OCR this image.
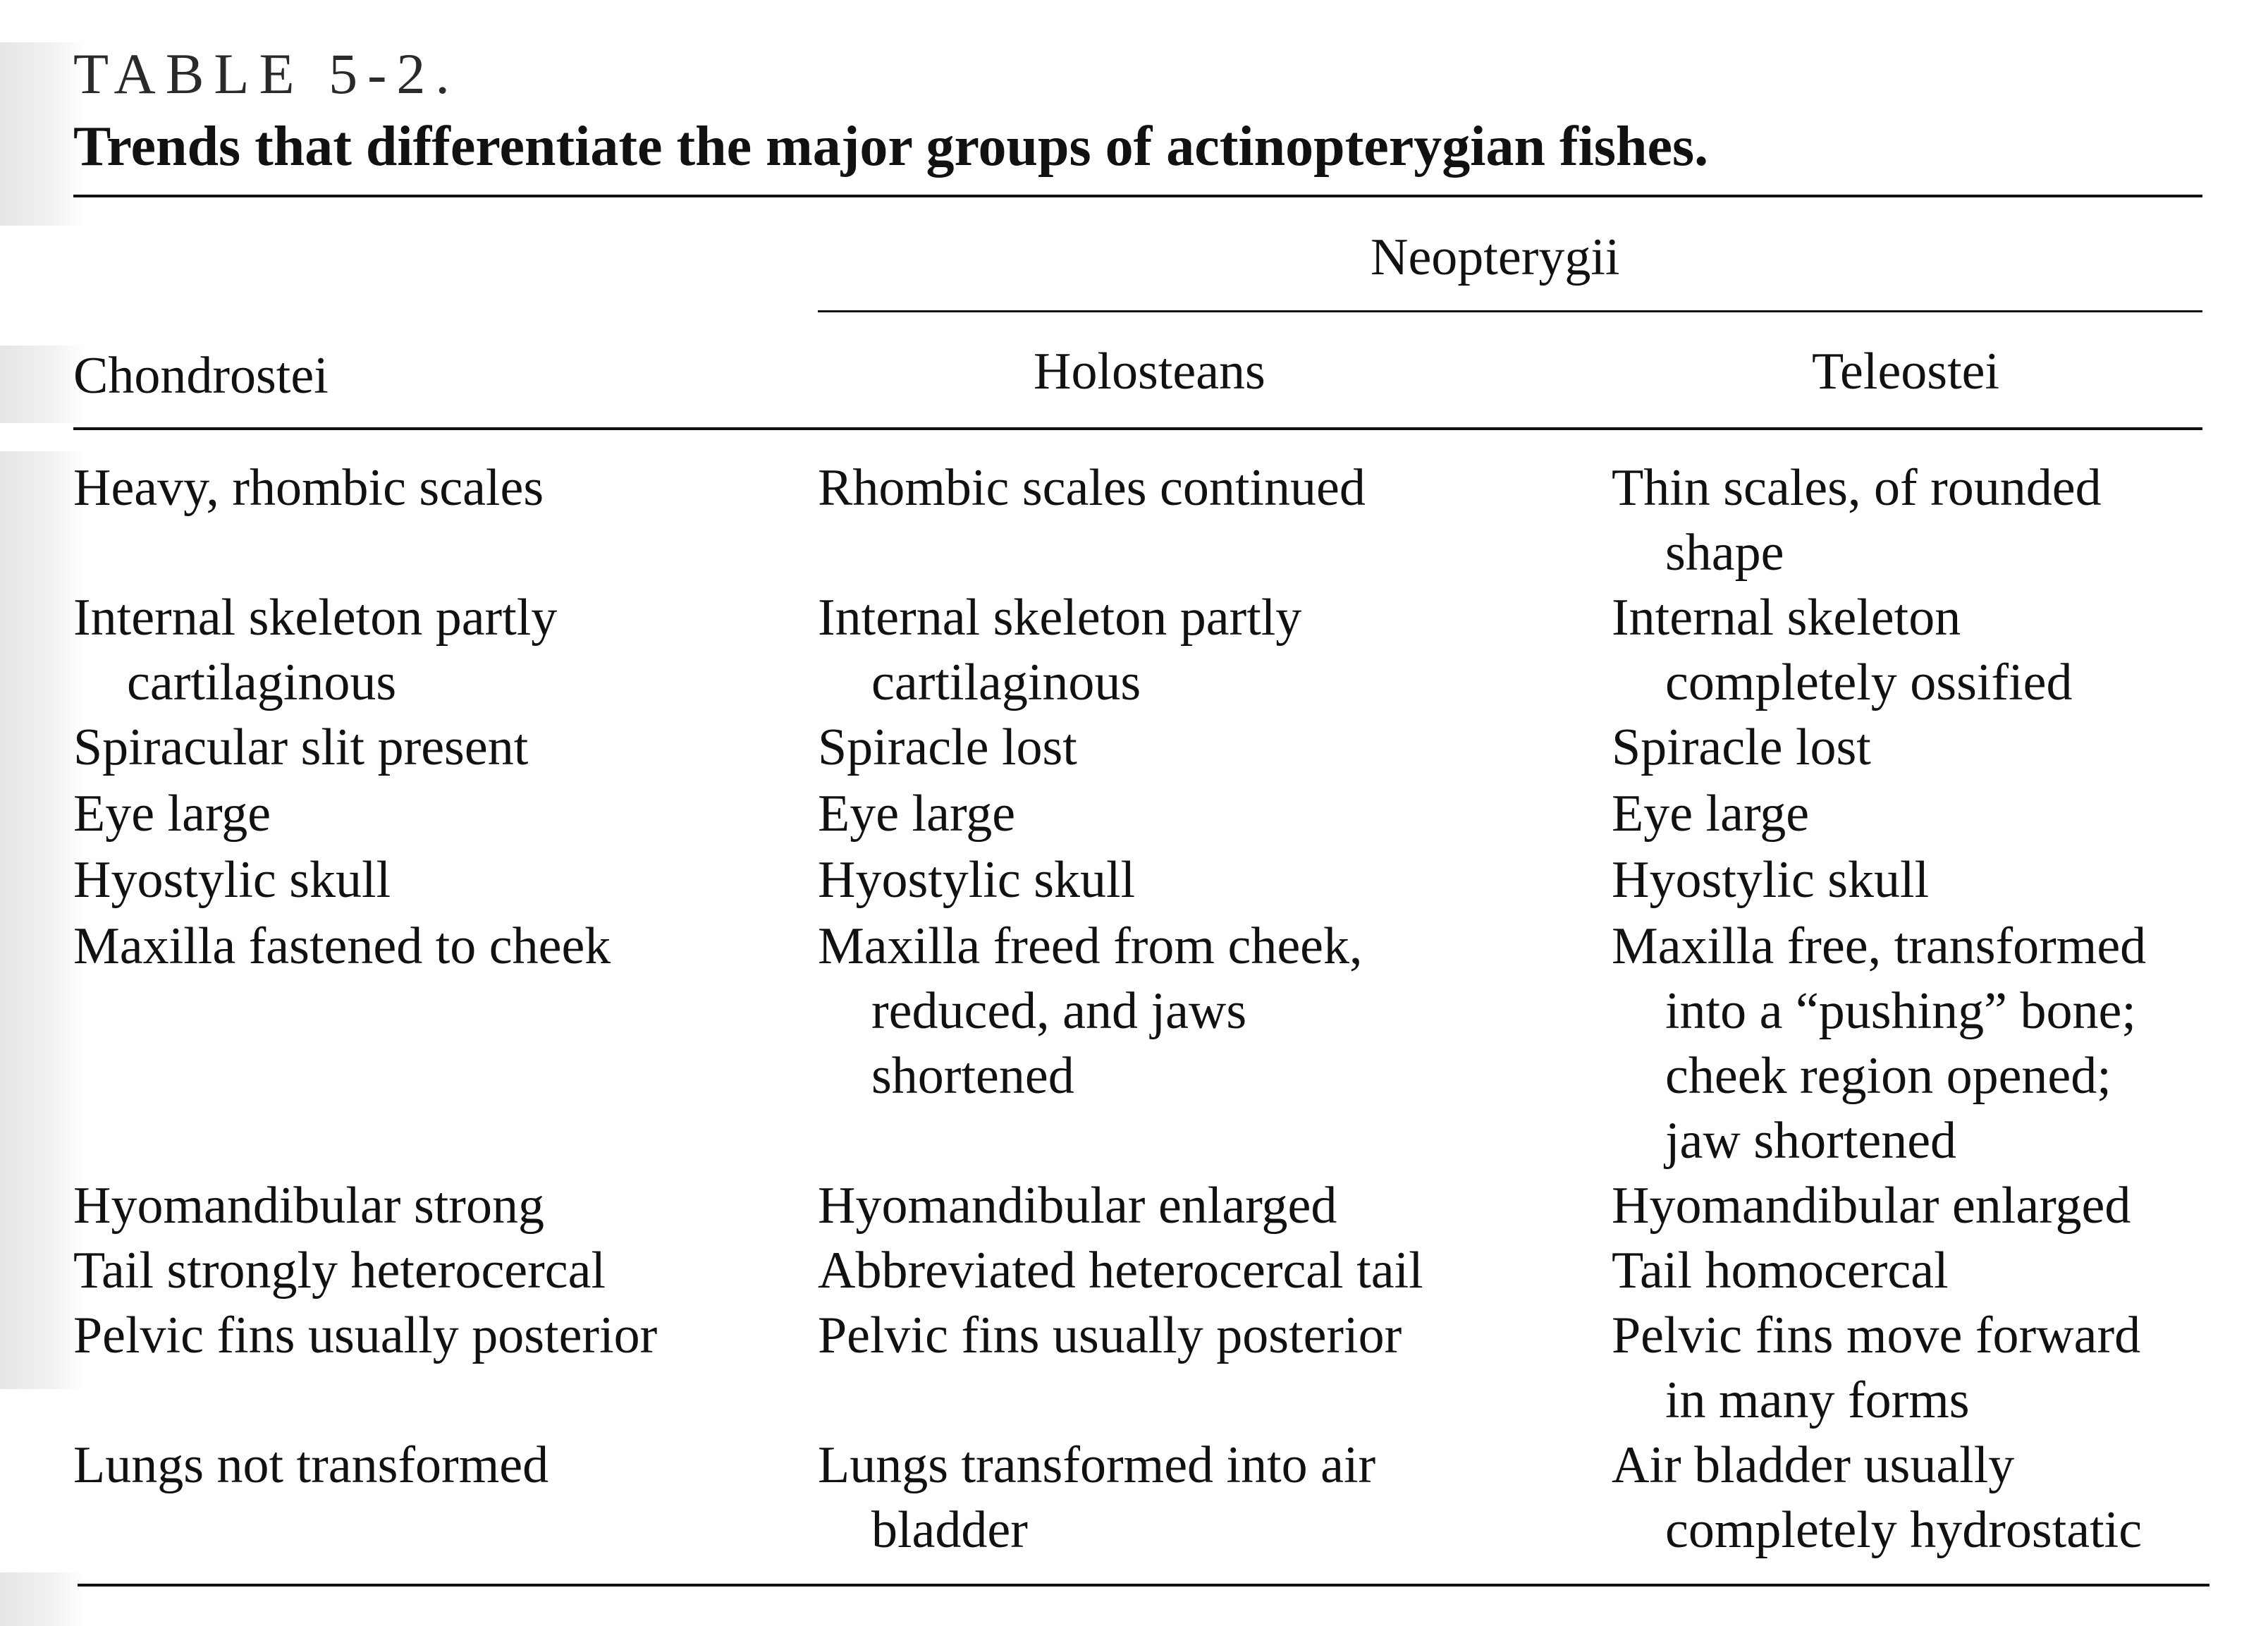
TABLE 5-2.
Trends that differentiate the major groups of actinopterygian fishes.
Neopterygii
Chondrostei	Holosteans	Teleostei
Heavy, rhombic scales
Internal skeleton partly
cartilaginous
Spiracular slit present
Eye large
Hyostylic skull
Maxilla fastened to cheek
Hyomandibular strong
Tail strongly heterocercal
Pelvic fins usually posterior
Lungs not transformed
Rhombic scales continued
Internal skeleton partly
cartilaginous
Spiracle lost
Eye large
Hyostylic skull
Maxilla freed from cheek,
reduced, and jaws
shortened
Hyomandibular enlarged
Abbreviated heterocercal tail
Pelvic fins usually posterior
Lungs transformed into air
bladder
Thin scales, of rounded
shape
Internal skeleton
completely ossified
Spiracle lost
Eye large
Hyostylic skull
Maxilla free, transformed
into a “pushing” bone;
cheek region opened;
jaw shortened
Hyomandibular enlarged
Tail homocercal
Pelvic fins move forward
in many forms
Air bladder usually
completely hydrostatic
